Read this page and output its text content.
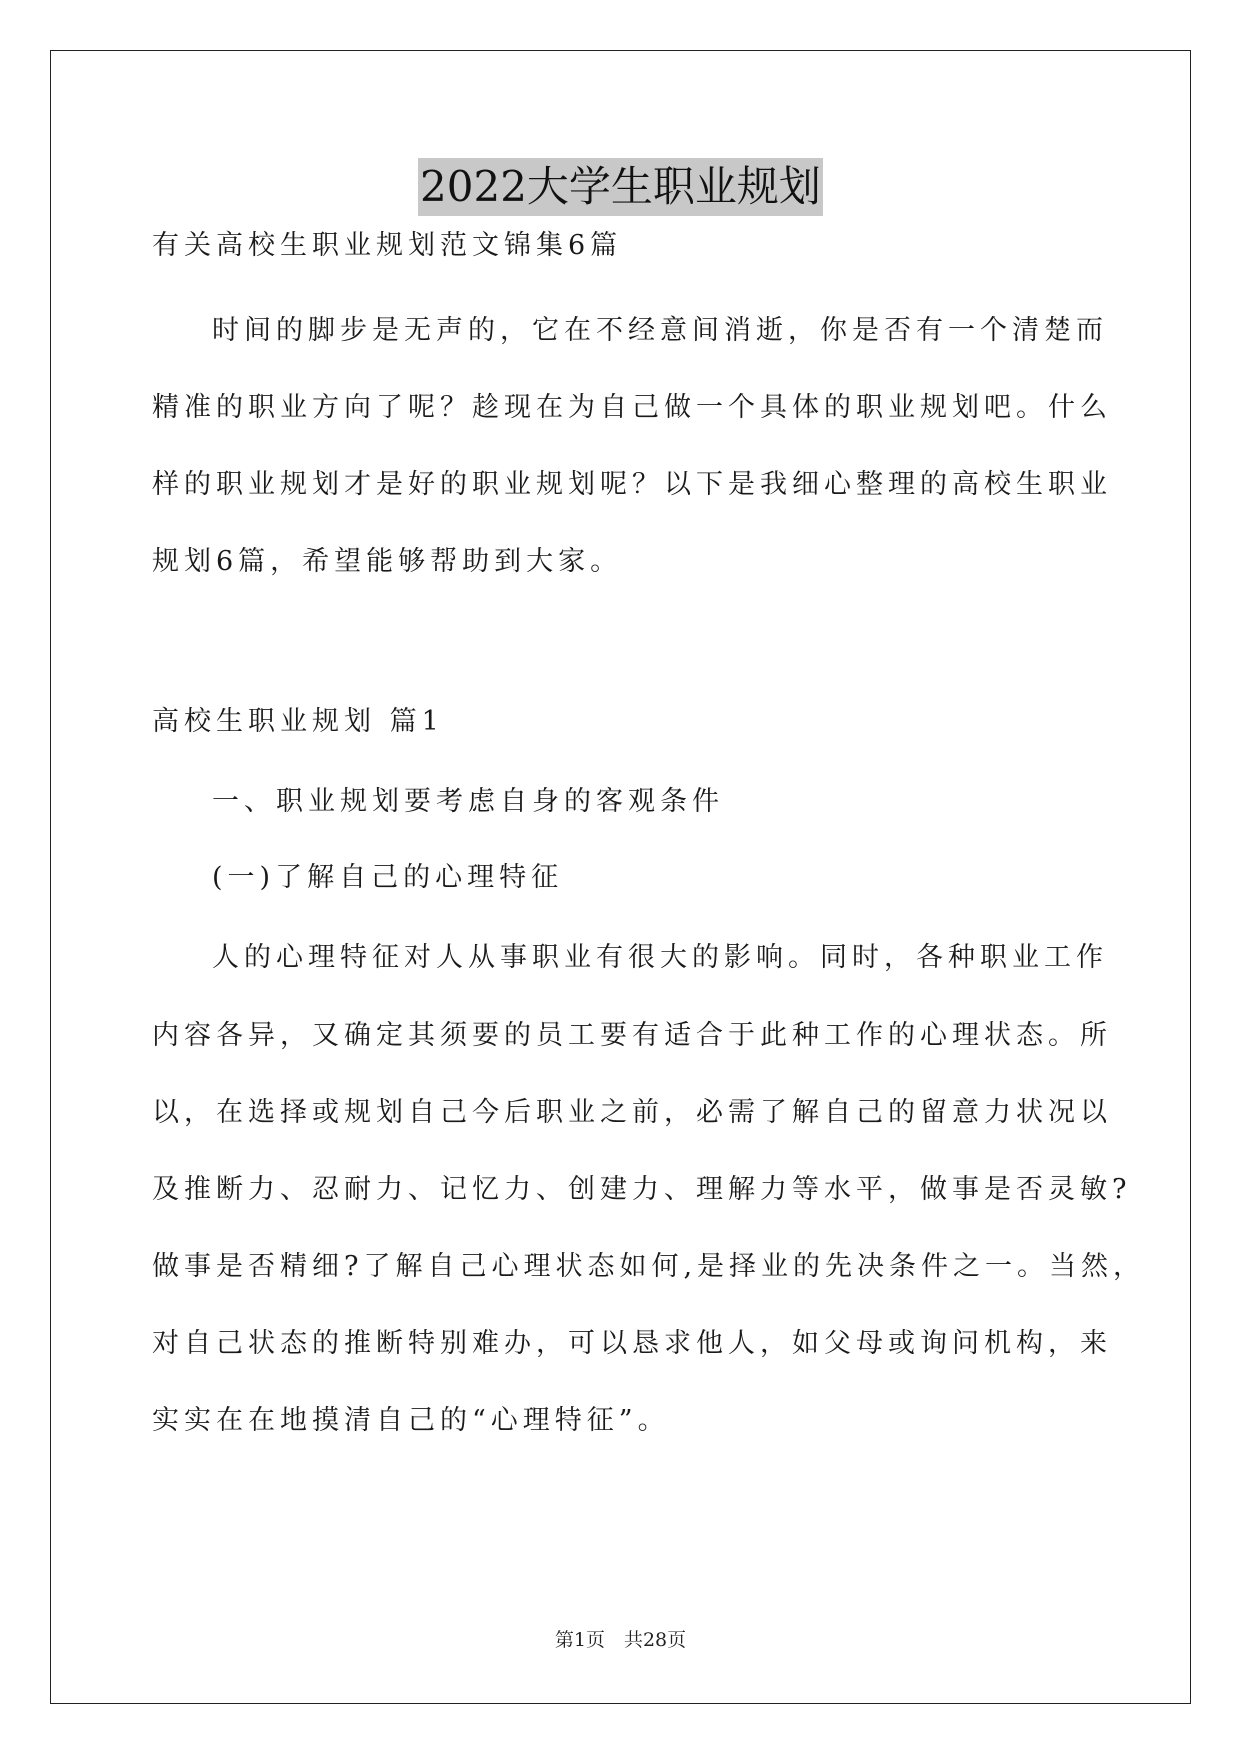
2022大学生职业规划

有关高校生职业规划范文锦集6篇

时间的脚步是无声的，它在不经意间消逝，你是否有一个清楚而

精准的职业方向了呢？趁现在为自己做一个具体的职业规划吧。什么

样的职业规划才是好的职业规划呢？以下是我细心整理的高校生职业

规划6篇，希望能够帮助到大家。

高校生职业规划 篇1

一、职业规划要考虑自身的客观条件

(一)了解自己的心理特征

人的心理特征对人从事职业有很大的影响。同时，各种职业工作

内容各异，又确定其须要的员工要有适合于此种工作的心理状态。所

以，在选择或规划自己今后职业之前，必需了解自己的留意力状况以

及推断力、忍耐力、记忆力、创建力、理解力等水平，做事是否灵敏?

做事是否精细?了解自己心理状态如何,是择业的先决条件之一。当然，

对自己状态的推断特别难办，可以恳求他人，如父母或询问机构，来

实实在在地摸清自己的“心理特征”。

第1页　共28页
